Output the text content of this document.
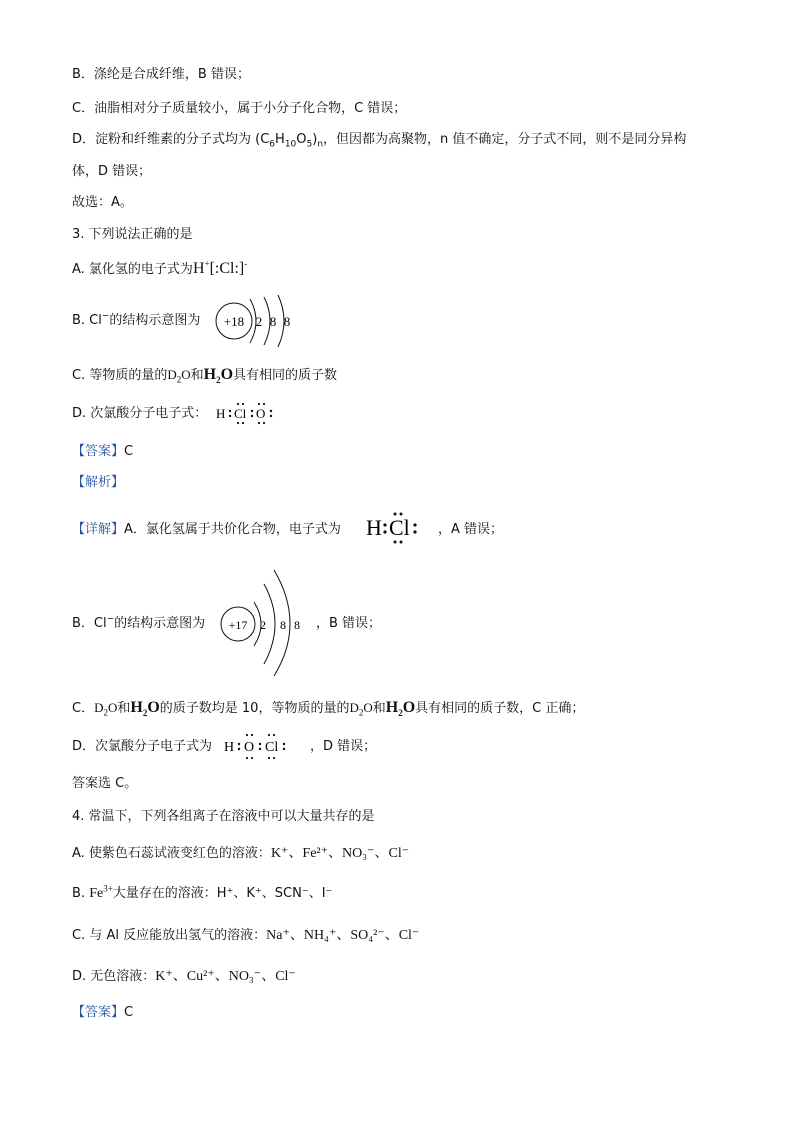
B．涤纶是合成纤维，B 错误；
C．油脂相对分子质量较小，属于小分子化合物，C 错误；
D．淀粉和纤维素的分子式均为 $(C_6H_{10}O_5)_n$，但因都为高聚物，n 值不确定，分子式不同，则不是同分异构
体，D 错误；
故选：A。
3. 下列说法正确的是
A. 氯化氢的电子式为H+[:Cl:]-
B. Cl−的结构示意图为 +18 2 8 8
C. 等物质的量的$D_2O$和$H_2O$具有相同的质子数
D. 次氯酸分子电子式： H Cl O
【答案】C
【解析】
【详解】A．氯化氢属于共价化合物，电子式为 H Cl ，A 错误；
B．Cl−的结构示意图为 +17 2 8 8 ，B 错误；
C．$D_2O$和$H_2O$的质子数均是 10，等物质的量的$D_2O$和$H_2O$具有相同的质子数，C 正确；
D．次氯酸分子电子式为 H O Cl ，D 错误；
答案选 C。
4. 常温下，下列各组离子在溶液中可以大量共存的是
A. 使紫色石蕊试液变红色的溶液：K⁺、Fe²⁺、NO₃⁻、Cl⁻
B. $Fe^{3+}$大量存在的溶液：H⁺、K⁺、SCN⁻、I⁻
C. 与 Al 反应能放出氢气的溶液：Na⁺、NH₄⁺、SO₄²⁻、Cl⁻
D. 无色溶液：K⁺、Cu²⁺、NO₃⁻、Cl⁻
【答案】C
